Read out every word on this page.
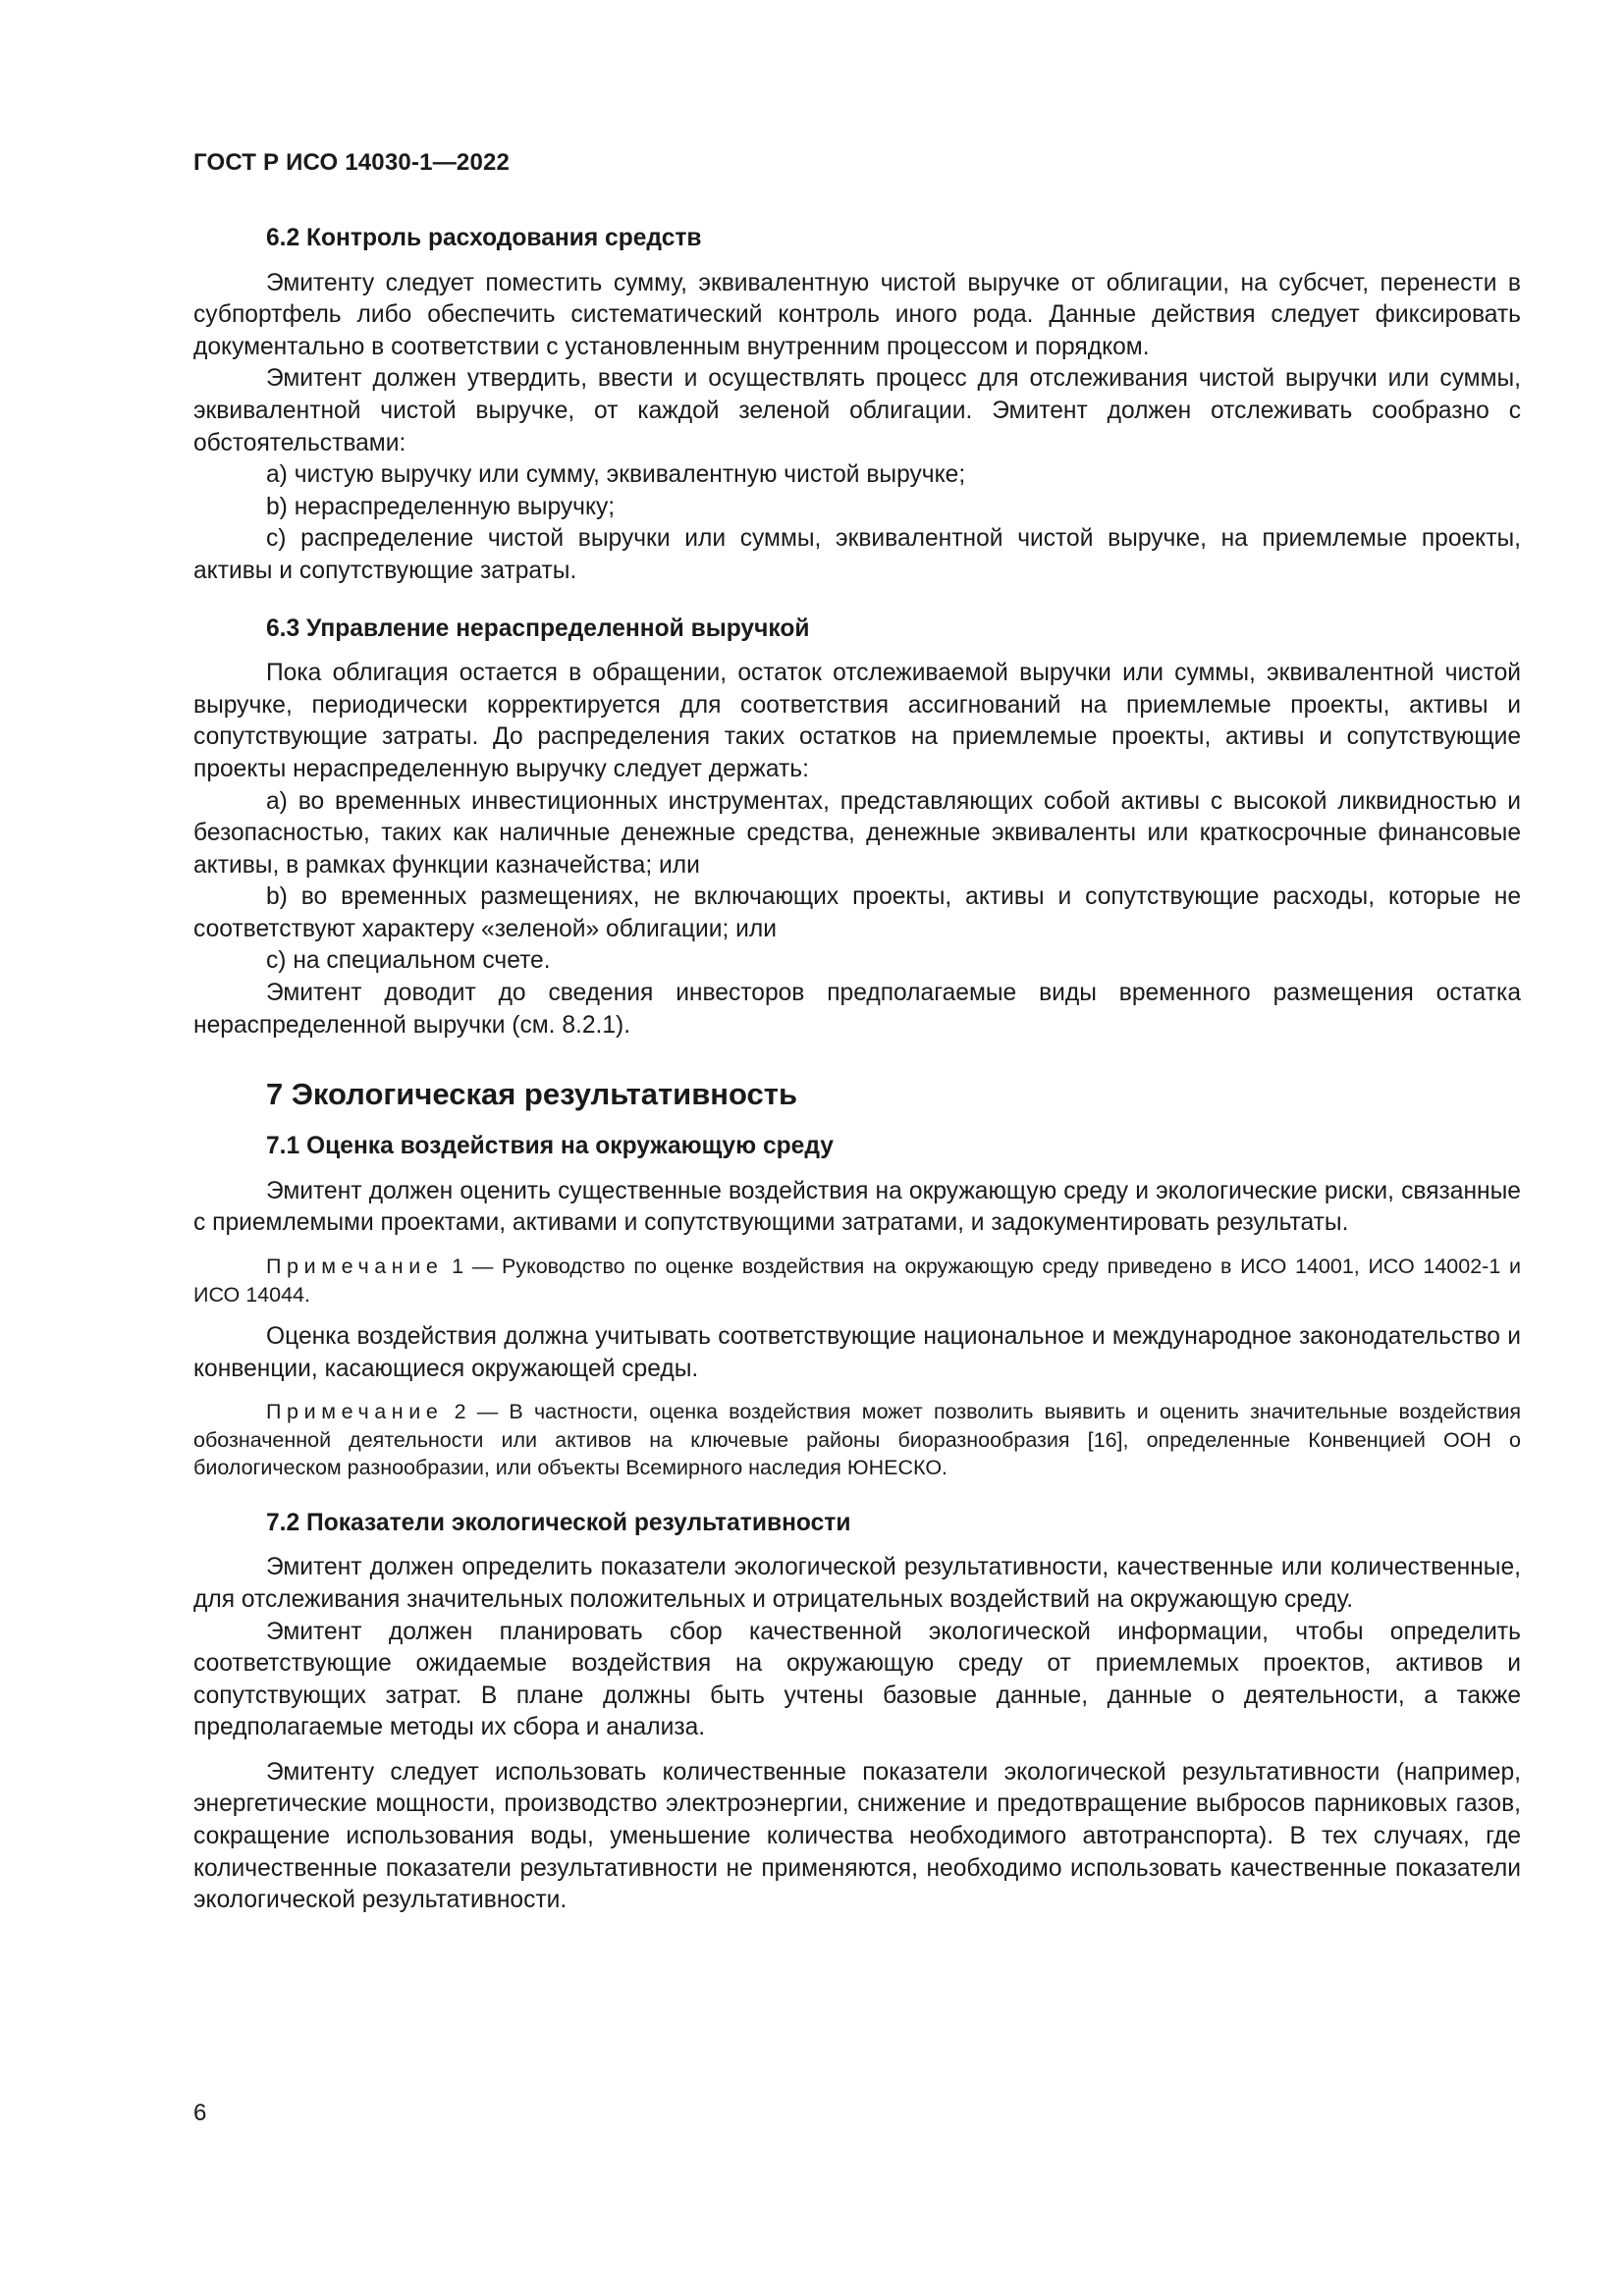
ГОСТ Р ИСО 14030-1—2022
6.2 Контроль расходования средств

Эмитенту следует поместить сумму, эквивалентную чистой выручке от облигации, на субсчет, перенести в субпортфель либо обеспечить систематический контроль иного рода. Данные действия следует фиксировать документально в соответствии с установленным внутренним процессом и порядком.

Эмитент должен утвердить, ввести и осуществлять процесс для отслеживания чистой выручки или суммы, эквивалентной чистой выручке, от каждой зеленой облигации. Эмитент должен отслеживать сообразно с обстоятельствами:

a) чистую выручку или сумму, эквивалентную чистой выручке;

b) нераспределенную выручку;

c) распределение чистой выручки или суммы, эквивалентной чистой выручке, на приемлемые проекты, активы и сопутствующие затраты.

6.3 Управление нераспределенной выручкой

Пока облигация остается в обращении, остаток отслеживаемой выручки или суммы, эквивалентной чистой выручке, периодически корректируется для соответствия ассигнований на приемлемые проекты, активы и сопутствующие затраты. До распределения таких остатков на приемлемые проекты, активы и сопутствующие проекты нераспределенную выручку следует держать:

a) во временных инвестиционных инструментах, представляющих собой активы с высокой ликвидностью и безопасностью, таких как наличные денежные средства, денежные эквиваленты или краткосрочные финансовые активы, в рамках функции казначейства; или

b) во временных размещениях, не включающих проекты, активы и сопутствующие расходы, которые не соответствуют характеру «зеленой» облигации; или

c) на специальном счете.

Эмитент доводит до сведения инвесторов предполагаемые виды временного размещения остатка нераспределенной выручки (см. 8.2.1).

7 Экологическая результативность
7.1 Оценка воздействия на окружающую среду

Эмитент должен оценить существенные воздействия на окружающую среду и экологические риски, связанные с приемлемыми проектами, активами и сопутствующими затратами, и задокументировать результаты.

Примечание 1 — Руководство по оценке воздействия на окружающую среду приведено в ИСО 14001, ИСО 14002-1 и ИСО 14044.

Оценка воздействия должна учитывать соответствующие национальное и международное законодательство и конвенции, касающиеся окружающей среды.

Примечание 2 — В частности, оценка воздействия может позволить выявить и оценить значительные воздействия обозначенной деятельности или активов на ключевые районы биоразнообразия [16], определенные Конвенцией ООН о биологическом разнообразии, или объекты Всемирного наследия ЮНЕСКО.

7.2 Показатели экологической результативности

Эмитент должен определить показатели экологической результативности, качественные или количественные, для отслеживания значительных положительных и отрицательных воздействий на окружающую среду.

Эмитент должен планировать сбор качественной экологической информации, чтобы определить соответствующие ожидаемые воздействия на окружающую среду от приемлемых проектов, активов и сопутствующих затрат. В плане должны быть учтены базовые данные, данные о деятельности, а также предполагаемые методы их сбора и анализа.

Эмитенту следует использовать количественные показатели экологической результативности (например, энергетические мощности, производство электроэнергии, снижение и предотвращение выбросов парниковых газов, сокращение использования воды, уменьшение количества необходимого автотранспорта). В тех случаях, где количественные показатели результативности не применяются, необходимо использовать качественные показатели экологической результативности.

6
